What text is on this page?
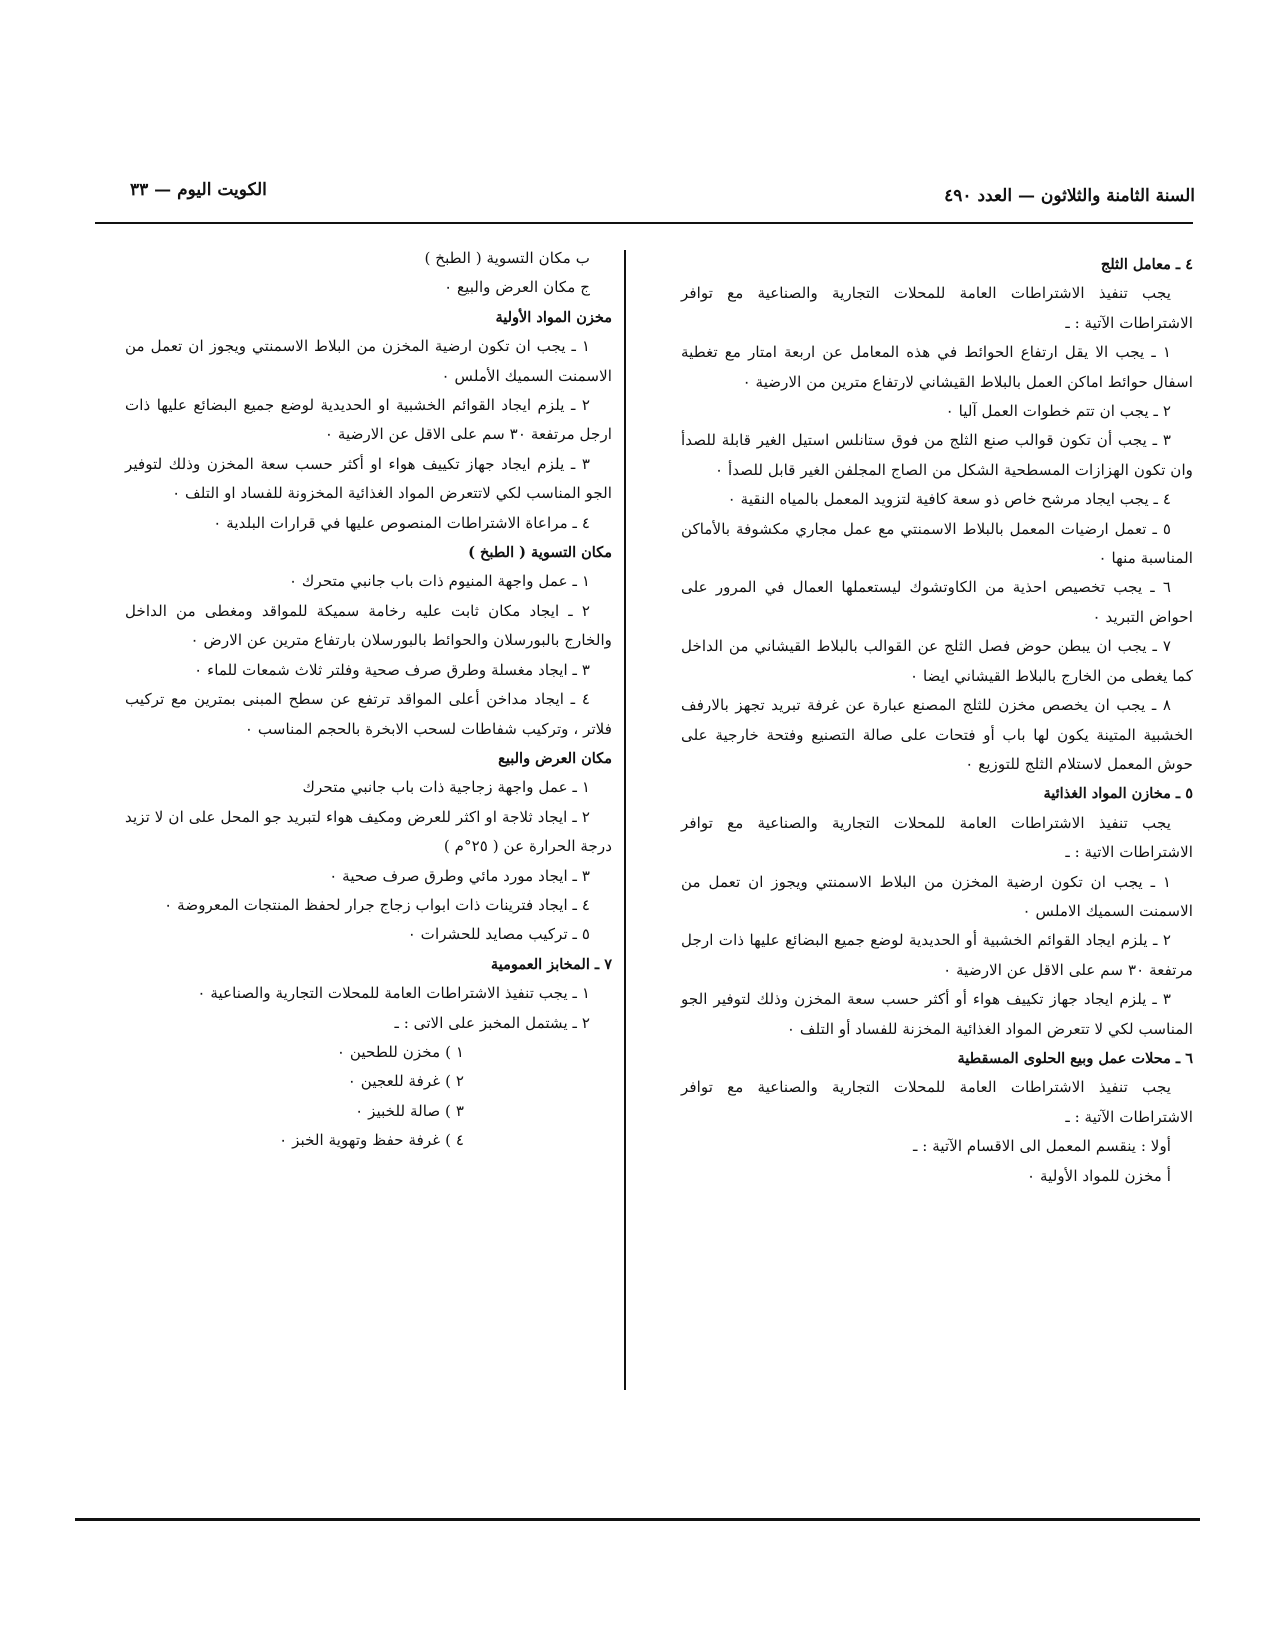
السنة الثامنة والثلاثون — العدد ٤٩٠
الكويت اليوم — ٣٣
٤ ـ معامل الثلج
يجب تنفيذ الاشتراطات العامة للمحلات التجارية والصناعية مع توافر الاشتراطات الآتية : ـ
١ ـ يجب الا يقل ارتفاع الحوائط في هذه المعامل عن اربعة امتار مع تغطية اسفال حوائط اماكن العمل بالبلاط القيشاني لارتفاع مترين من الارضية ٠
٢ ـ يجب ان تتم خطوات العمل آليا ٠
٣ ـ يجب أن تكون قوالب صنع الثلج من فوق ستانلس استيل الغير قابلة للصدأ وان تكون الهزازات المسطحية الشكل من الصاج المجلفن الغير قابل للصدأ ٠
٤ ـ يجب ايجاد مرشح خاص ذو سعة كافية لتزويد المعمل بالمياه النقية ٠
٥ ـ تعمل ارضيات المعمل بالبلاط الاسمنتي مع عمل مجاري مكشوفة بالأماكن المناسبة منها ٠
٦ ـ يجب تخصيص احذية من الكاوتشوك ليستعملها العمال في المرور على احواض التبريد ٠
٧ ـ يجب ان يبطن حوض فصل الثلج عن القوالب بالبلاط القيشاني من الداخل كما يغطى من الخارج بالبلاط القيشاني ايضا ٠
٨ ـ يجب ان يخصص مخزن للثلج المصنع عبارة عن غرفة تبريد تجهز بالارفف الخشبية المتينة يكون لها باب أو فتحات على صالة التصنيع وفتحة خارجية على حوش المعمل لاستلام الثلج للتوزيع ٠
٥ ـ مخازن المواد الغذائية
يجب تنفيذ الاشتراطات العامة للمحلات التجارية والصناعية مع توافر الاشتراطات الاتية : ـ
١ ـ يجب ان تكون ارضية المخزن من البلاط الاسمنتي ويجوز ان تعمل من الاسمنت السميك الاملس ٠
٢ ـ يلزم ايجاد القوائم الخشبية أو الحديدية لوضع جميع البضائع عليها ذات ارجل مرتفعة ٣٠ سم على الاقل عن الارضية ٠
٣ ـ يلزم ايجاد جهاز تكييف هواء أو أكثر حسب سعة المخزن وذلك لتوفير الجو المناسب لكي لا تتعرض المواد الغذائية المخزنة للفساد أو التلف ٠
٦ ـ محلات عمل وبيع الحلوى المسقطية
يجب تنفيذ الاشتراطات العامة للمحلات التجارية والصناعية مع توافر الاشتراطات الآتية : ـ
أولا : ينقسم المعمل الى الاقسام الآتية : ـ
أ مخزن للمواد الأولية ٠
ب مكان التسوية ( الطبخ )
ج مكان العرض والبيع ٠
مخزن المواد الأولية
١ ـ يجب ان تكون ارضية المخزن من البلاط الاسمنتي ويجوز ان تعمل من الاسمنت السميك الأملس ٠
٢ ـ يلزم ايجاد القوائم الخشبية او الحديدية لوضع جميع البضائع عليها ذات ارجل مرتفعة ٣٠ سم على الاقل عن الارضية ٠
٣ ـ يلزم ايجاد جهاز تكييف هواء او أكثر حسب سعة المخزن وذلك لتوفير الجو المناسب لكي لاتتعرض المواد الغذائية المخزونة للفساد او التلف ٠
٤ ـ مراعاة الاشتراطات المنصوص عليها في قرارات البلدية ٠
مكان التسوية ( الطبخ )
١ ـ عمل واجهة المنيوم ذات باب جانبي متحرك ٠
٢ ـ ايجاد مكان ثابت عليه رخامة سميكة للمواقد ومغطى من الداخل والخارج بالبورسلان والحوائط بالبورسلان بارتفاع مترين عن الارض ٠
٣ ـ ايجاد مغسلة وطرق صرف صحية وفلتر ثلاث شمعات للماء ٠
٤ ـ ايجاد مداخن أعلى المواقد ترتفع عن سطح المبنى بمترين مع تركيب فلاتر ، وتركيب شفاطات لسحب الابخرة بالحجم المناسب ٠
مكان العرض والبيع
١ ـ عمل واجهة زجاجية ذات باب جانبي متحرك
٢ ـ ايجاد ثلاجة او اكثر للعرض ومكيف هواء لتبريد جو المحل على ان لا تزيد درجة الحرارة عن ( ٢٥°م )
٣ ـ ايجاد مورد مائي وطرق صرف صحية ٠
٤ ـ ايجاد فترينات ذات ابواب زجاج جرار لحفظ المنتجات المعروضة ٠
٥ ـ تركيب مصايد للحشرات ٠
٧ ـ المخابز العمومية
١ ـ يجب تنفيذ الاشتراطات العامة للمحلات التجارية والصناعية ٠
٢ ـ يشتمل المخبز على الاتى : ـ
١ ) مخزن للطحين ٠
٢ ) غرفة للعجين ٠
٣ ) صالة للخبيز ٠
٤ ) غرفة حفظ وتهوية الخبز ٠
